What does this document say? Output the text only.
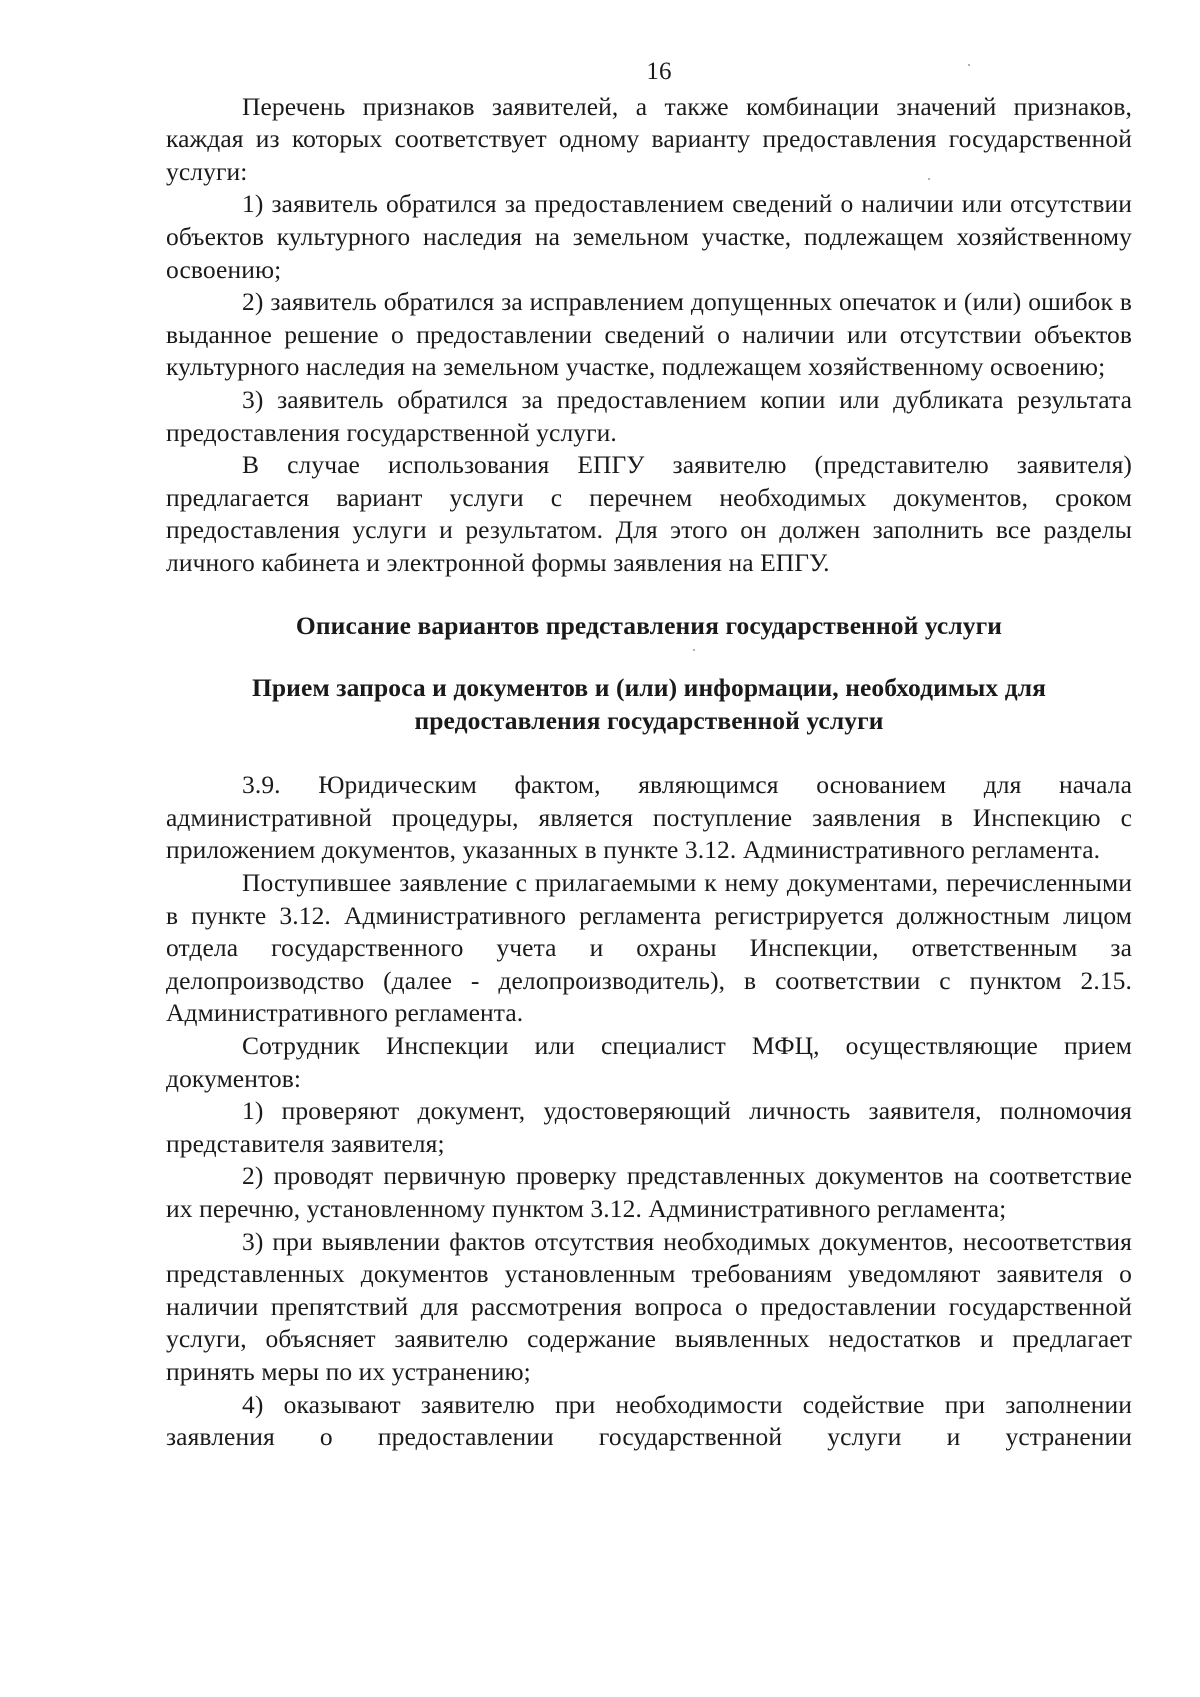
16

Перечень признаков заявителей, а также комбинации значений признаков, каждая из которых соответствует одному варианту предоставления государственной услуги:

1) заявитель обратился за предоставлением сведений о наличии или отсутствии объектов культурного наследия на земельном участке, подлежащем хозяйственному освоению;

2) заявитель обратился за исправлением допущенных опечаток и (или) ошибок в выданное решение о предоставлении сведений о наличии или отсутствии объектов культурного наследия на земельном участке, подлежащем хозяйственному освоению;

3) заявитель обратился за предоставлением копии или дубликата результата предоставления государственной услуги.

В случае использования ЕПГУ заявителю (представителю заявителя) предлагается вариант услуги с перечнем необходимых документов, сроком предоставления услуги и результатом. Для этого он должен заполнить все разделы личного кабинета и электронной формы заявления на ЕПГУ.

Описание вариантов представления государственной услуги
Прием запроса и документов и (или) информации, необходимых для предоставления государственной услуги

3.9. Юридическим фактом, являющимся основанием для начала административной процедуры, является поступление заявления в Инспекцию с приложением документов, указанных в пункте 3.12. Административного регламента.

Поступившее заявление с прилагаемыми к нему документами, перечисленными в пункте 3.12. Административного регламента регистрируется должностным лицом отдела государственного учета и охраны Инспекции, ответственным за делопроизводство (далее - делопроизводитель), в соответствии с пунктом 2.15. Административного регламента.

Сотрудник Инспекции или специалист МФЦ, осуществляющие прием документов:

1) проверяют документ, удостоверяющий личность заявителя, полномочия представителя заявителя;

2) проводят первичную проверку представленных документов на соответствие их перечню, установленному пунктом 3.12. Административного регламента;

3) при выявлении фактов отсутствия необходимых документов, несоответствия представленных документов установленным требованиям уведомляют заявителя о наличии препятствий для рассмотрения вопроса о предоставлении государственной услуги, объясняет заявителю содержание выявленных недостатков и предлагает принять меры по их устранению;

4) оказывают заявителю при необходимости содействие при заполнении заявления о предоставлении государственной услуги и устранении
